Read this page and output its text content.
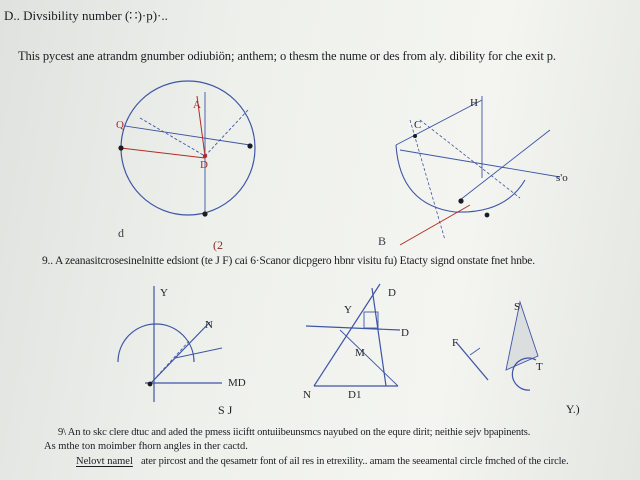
D.. Divsibility number (∷)·p)·..
This pycest ane atrandm gnumber odiubiön; anthem; o thesm the nume or des from aly. dibility for che exit p.
A
Q
D
H
C
s'o
Y
N
MD
Y
N
M
D
D1
D
S
T
F
d
(2	B
9.. A zeanasitcrosesinelnitte edsiont (te J F) cai 6·Scanor dicpgero hbnr visitu fu) Etacty signd onstate fnet hnbe.
S J	Y.)
9\ An to skc clere dtuc and aded the pmess iiciftt ontuiibeunsmcs nayubed on the equre dirit; neithie sejv bpapinents.
As mthe ton moimber fhorn angles in ther cactd.
Nelovt namel ater pircost and the qesametr font of ail res in etrexility.. amam the seeamental circle fmched of the circle.
